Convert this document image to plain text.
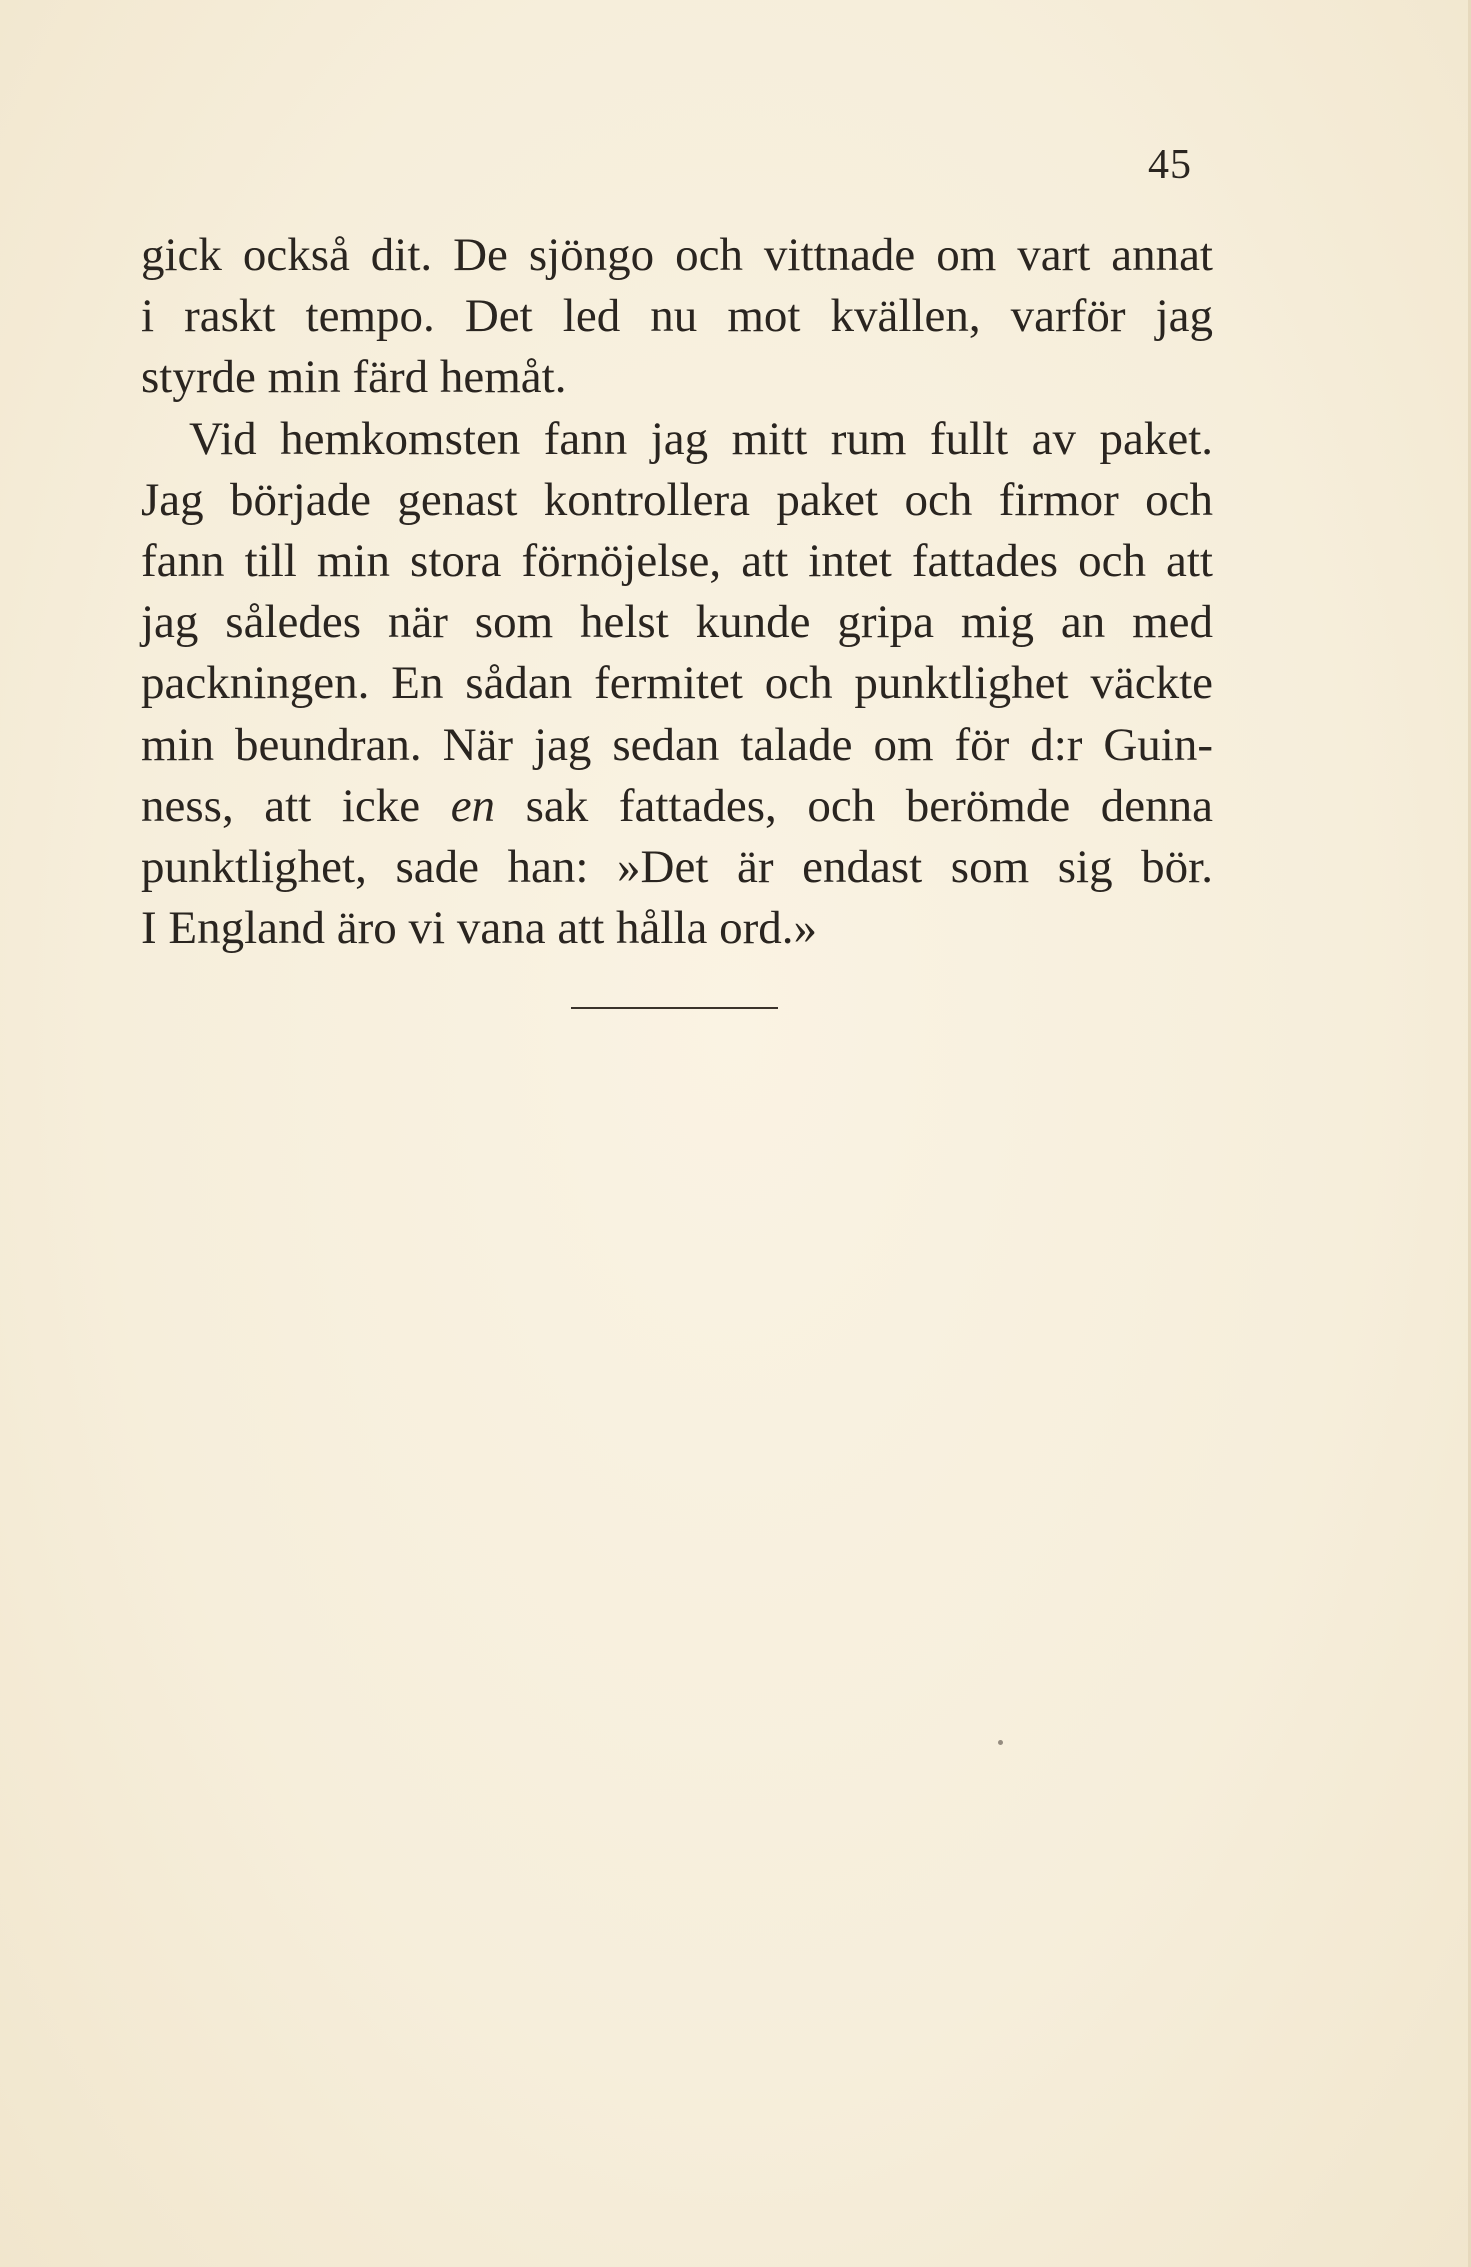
45
gick också dit. De sjöngo och vittnade om vart annat
i raskt tempo. Det led nu mot kvällen, varför jag
styrde min färd hemåt.
Vid hemkomsten fann jag mitt rum fullt av paket.
Jag började genast kontrollera paket och firmor och
fann till min stora förnöjelse, att intet fattades och att
jag således när som helst kunde gripa mig an med
packningen. En sådan fermitet och punktlighet väckte
min beundran. När jag sedan talade om för d:r Guin-
ness, att icke en sak fattades, och berömde denna
punktlighet, sade han: »Det är endast som sig bör.
I England äro vi vana att hålla ord.»
